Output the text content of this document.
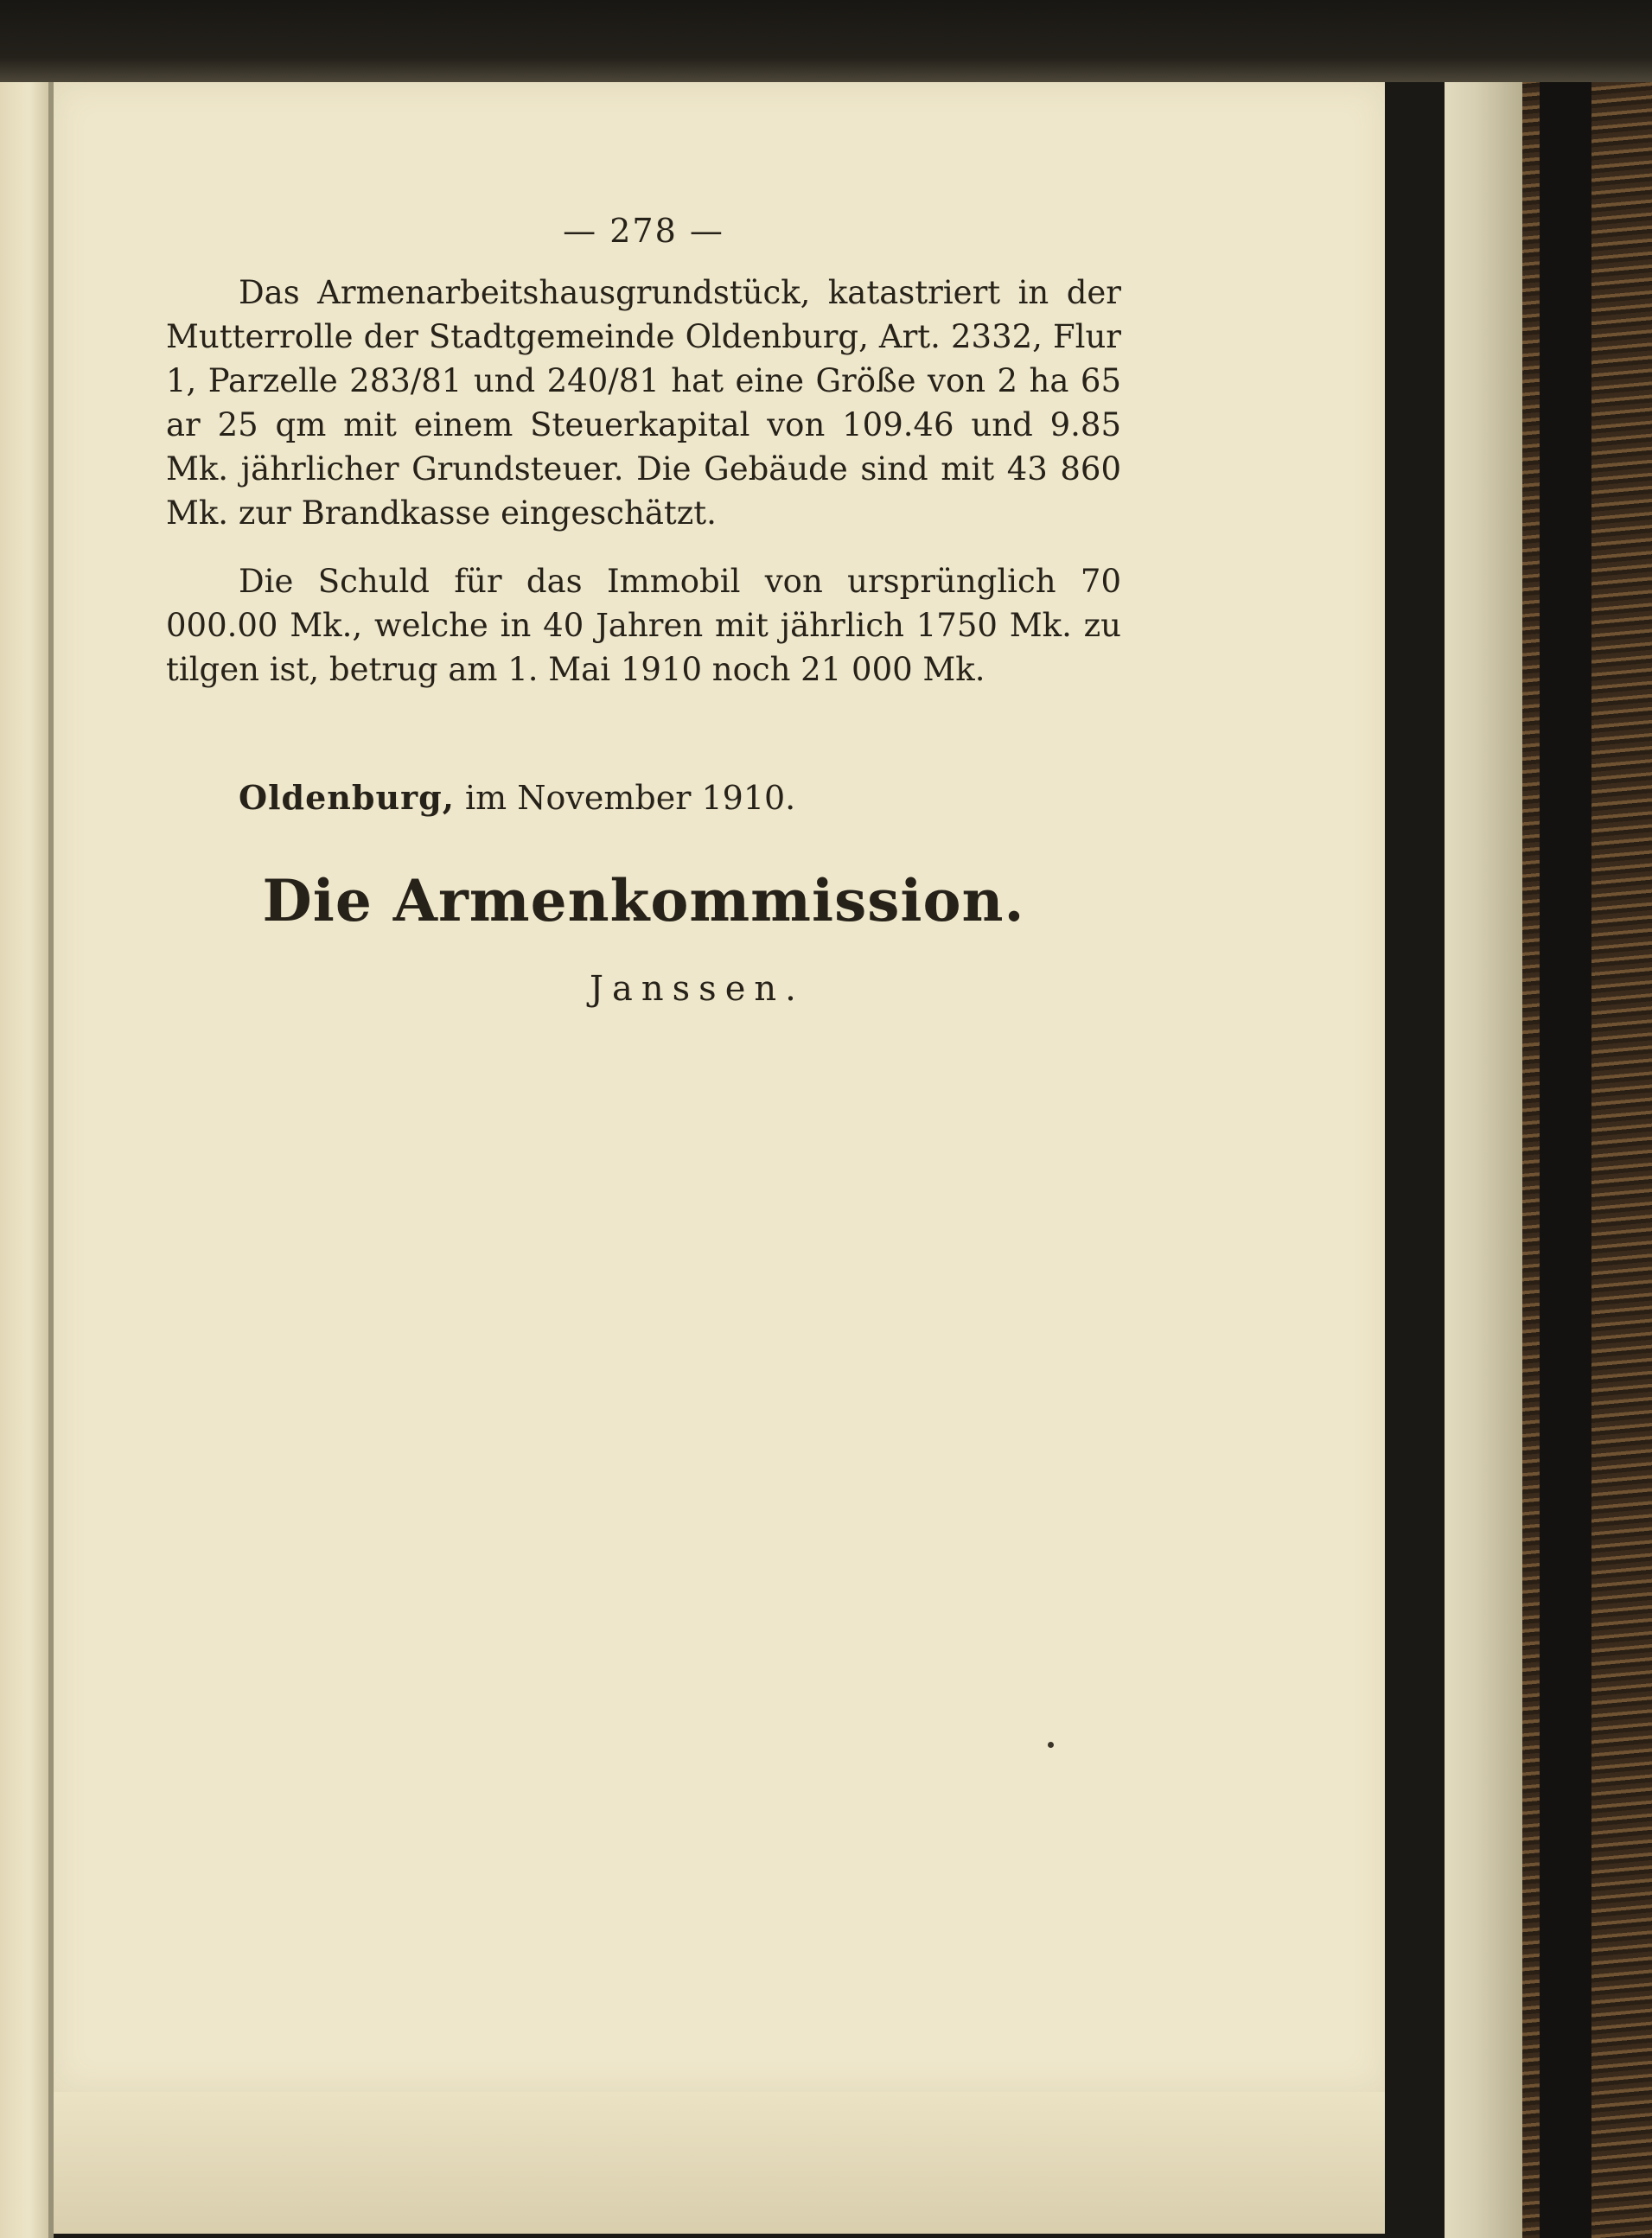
— 278 —

Das Armenarbeitshausgrundstück, katastriert in der Mutterrolle der Stadtgemeinde Oldenburg, Art. 2332, Flur 1, Parzelle 283/81 und 240/81 hat eine Größe von 2 ha 65 ar 25 qm mit einem Steuerkapital von 109.46 und 9.85 Mk. jährlicher Grundsteuer. Die Gebäude sind mit 43 860 Mk. zur Brandkasse eingeschätzt.

Die Schuld für das Immobil von ursprünglich 70 000.00 Mk., welche in 40 Jahren mit jährlich 1750 Mk. zu tilgen ist, betrug am 1. Mai 1910 noch 21 000 Mk.

Oldenburg, im November 1910.
Die Armenkommission.
Janssen.
